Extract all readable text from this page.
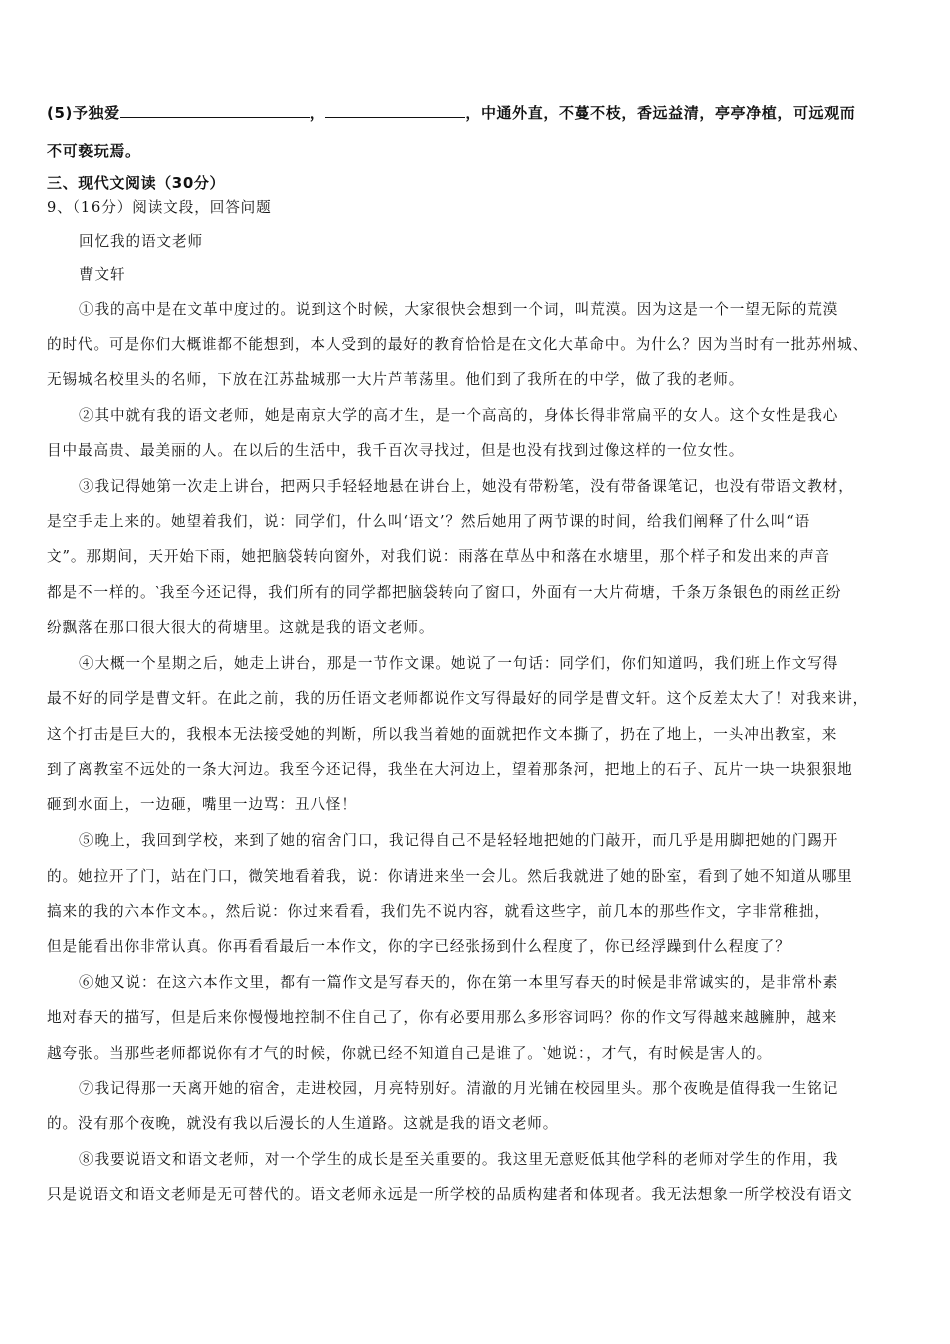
(5)予独爱	，	，中通外直，不蔓不枝，香远益清，亭亭净植，可远观而
不可亵玩焉。
三、现代文阅读（30分）
9、（16分）阅读文段，回答问题
回忆我的语文老师
曹文轩
①我的高中是在文革中度过的。说到这个时候，大家很快会想到一个词，叫荒漠。因为这是一个一望无际的荒漠
的时代。可是你们大概谁都不能想到，本人受到的最好的教育恰恰是在文化大革命中。为什么？因为当时有一批苏州城、
无锡城名校里头的名师，下放在江苏盐城那一大片芦苇荡里。他们到了我所在的中学，做了我的老师。
②其中就有我的语文老师，她是南京大学的高才生，是一个高高的，身体长得非常扁平的女人。这个女性是我心
目中最高贵、最美丽的人。在以后的生活中，我千百次寻找过，但是也没有找到过像这样的一位女性。
③我记得她第一次走上讲台，把两只手轻轻地悬在讲台上，她没有带粉笔，没有带备课笔记，也没有带语文教材，
是空手走上来的。她望着我们，说：同学们，什么叫‘语文’？然后她用了两节课的时间，给我们阐释了什么叫“语
文”。那期间，天开始下雨，她把脑袋转向窗外，对我们说：雨落在草丛中和落在水塘里，那个样子和发出来的声音
都是不一样的。‵我至今还记得，我们所有的同学都把脑袋转向了窗口，外面有一大片荷塘，千条万条银色的雨丝正纷
纷飘落在那口很大很大的荷塘里。这就是我的语文老师。
④大概一个星期之后，她走上讲台，那是一节作文课。她说了一句话：同学们，你们知道吗，我们班上作文写得
最不好的同学是曹文轩。在此之前，我的历任语文老师都说作文写得最好的同学是曹文轩。这个反差太大了！对我来讲，
这个打击是巨大的，我根本无法接受她的判断，所以我当着她的面就把作文本撕了，扔在了地上，一头冲出教室，来
到了离教室不远处的一条大河边。我至今还记得，我坐在大河边上，望着那条河，把地上的石子、瓦片一块一块狠狠地
砸到水面上，一边砸，嘴里一边骂：丑八怪！
⑤晚上，我回到学校，来到了她的宿舍门口，我记得自己不是轻轻地把她的门敲开，而几乎是用脚把她的门踢开
的。她拉开了门，站在门口，微笑地看着我，说：你请进来坐一会儿。然后我就进了她的卧室，看到了她不知道从哪里
搞来的我的六本作文本。，然后说：你过来看看，我们先不说内容，就看这些字，前几本的那些作文，字非常稚拙，
但是能看出你非常认真。你再看看最后一本作文，你的字已经张扬到什么程度了，你已经浮躁到什么程度了？
⑥她又说：在这六本作文里，都有一篇作文是写春天的，你在第一本里写春天的时候是非常诚实的，是非常朴素
地对春天的描写，但是后来你慢慢地控制不住自己了，你有必要用那么多形容词吗？你的作文写得越来越臃肿，越来
越夸张。当那些老师都说你有才气的时候，你就已经不知道自己是谁了。‵她说：，才气，有时候是害人的。
⑦我记得那一天离开她的宿舍，走进校园，月亮特别好。清澈的月光铺在校园里头。那个夜晚是值得我一生铭记
的。没有那个夜晚，就没有我以后漫长的人生道路。这就是我的语文老师。
⑧我要说语文和语文老师，对一个学生的成长是至关重要的。我这里无意贬低其他学科的老师对学生的作用，我
只是说语文和语文老师是无可替代的。语文老师永远是一所学校的品质构建者和体现者。我无法想象一所学校没有语文
